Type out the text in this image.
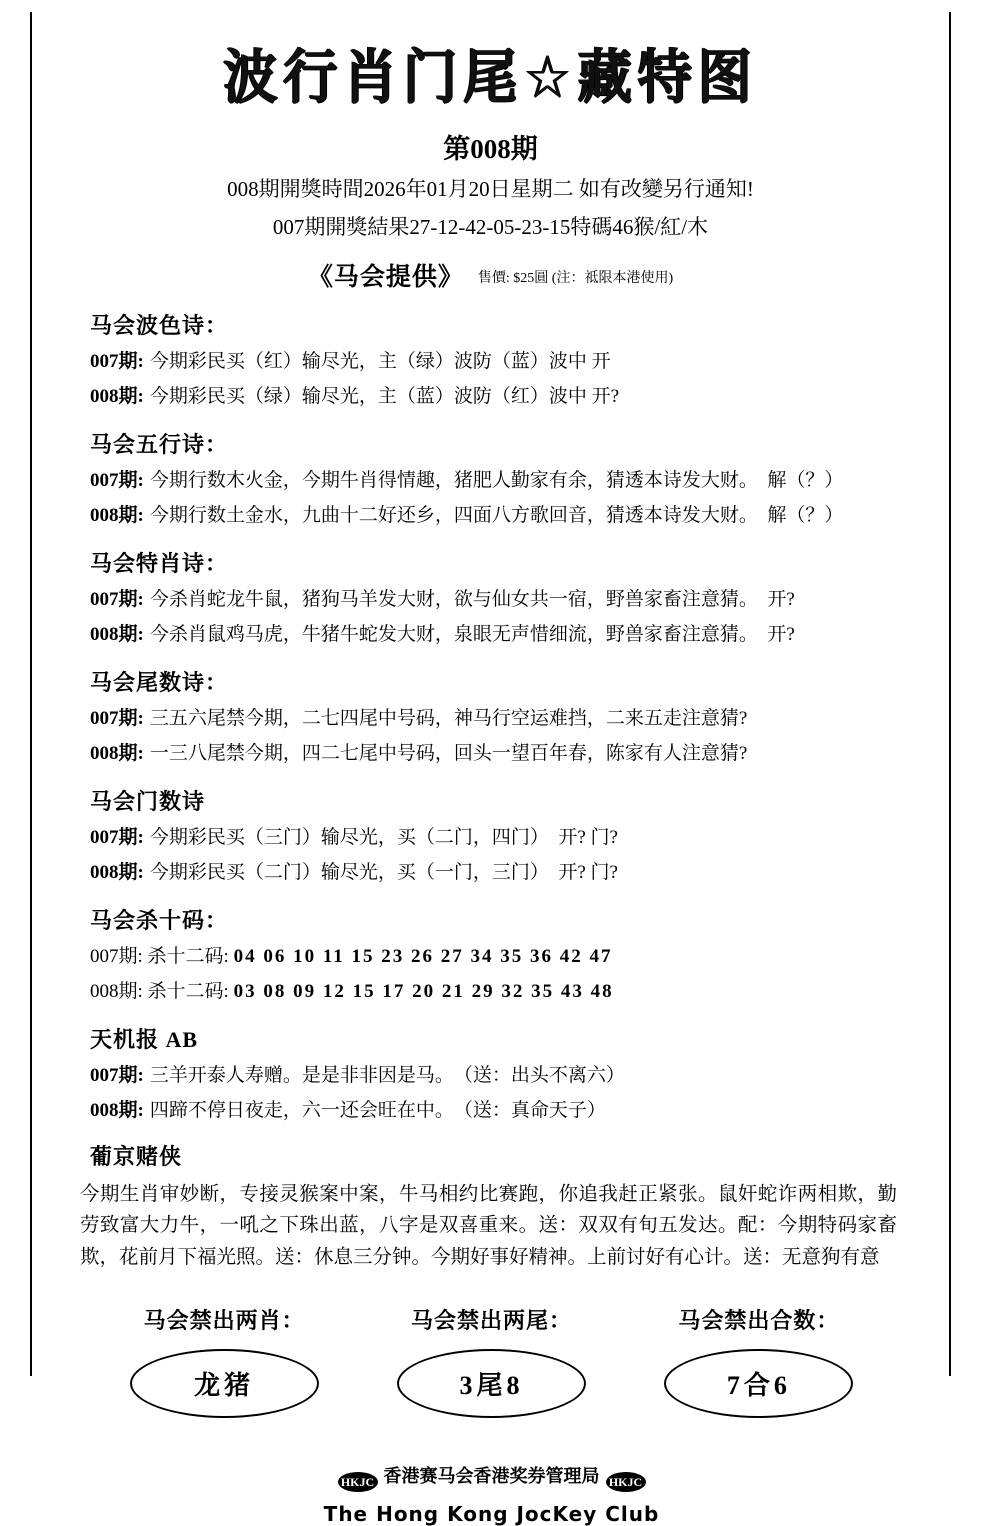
波行肖门尾☆藏特图
第008期
008期開獎時間2026年01月20日星期二 如有改變另行通知!
007期開獎結果27-12-42-05-23-15特碼46猴/紅/木
《马会提供》 售價: $25圓 (注：祗限本港使用)
马会波色诗：
007期: 今期彩民买（红）输尽光，主（绿）波防（蓝）波中 开
008期: 今期彩民买（绿）输尽光，主（蓝）波防（红）波中 开?
马会五行诗：
007期: 今期行数木火金，今期牛肖得情趣，猪肥人勤家有余，猜透本诗发大财。　解（？）
008期: 今期行数土金水，九曲十二好还乡，四面八方歌回音，猜透本诗发大财。　解（？）
马会特肖诗：
007期: 今杀肖蛇龙牛鼠，猪狗马羊发大财，欲与仙女共一宿，野兽家畜注意猜。　开?
008期: 今杀肖鼠鸡马虎，牛猪牛蛇发大财，泉眼无声惜细流，野兽家畜注意猜。　开?
马会尾数诗：
007期: 三五六尾禁今期，二七四尾中号码，神马行空运难挡，二来五走注意猜?
008期: 一三八尾禁今期，四二七尾中号码，回头一望百年春，陈家有人注意猜?
马会门数诗
007期: 今期彩民买（三门）输尽光，买（二门，四门）　开? 门?
008期: 今期彩民买（二门）输尽光，买（一门，三门）　开? 门?
马会杀十码：
007期: 杀十二码: 04 06 10 11 15 23 26 27 34 35 36 42 47
008期: 杀十二码: 03 08 09 12 15 17 20 21 29 32 35 43 48
天机报 AB
007期: 三羊开泰人寿赠。是是非非因是马。　（送：出头不离六）
008期: 四蹄不停日夜走，六一还会旺在中。　（送：真命天子）
葡京赌侠
今期生肖审妙断，专接灵猴案中案，牛马相约比赛跑，你追我赶正紧张。鼠奸蛇诈两相欺，勤劳致富大力牛，一吼之下珠出蓝，八字是双喜重来。送：双双有旬五发达。配：今期特码家畜欺，花前月下福光照。送：休息三分钟。今期好事好精神。上前讨好有心计。送：无意狗有意
马会禁出两肖：
龙猪
马会禁出两尾：
3尾8
马会禁出合数：
7合6
HKJC 香港赛马会香港奖券管理局 HKJC
The Hong Kong JocKey Club
